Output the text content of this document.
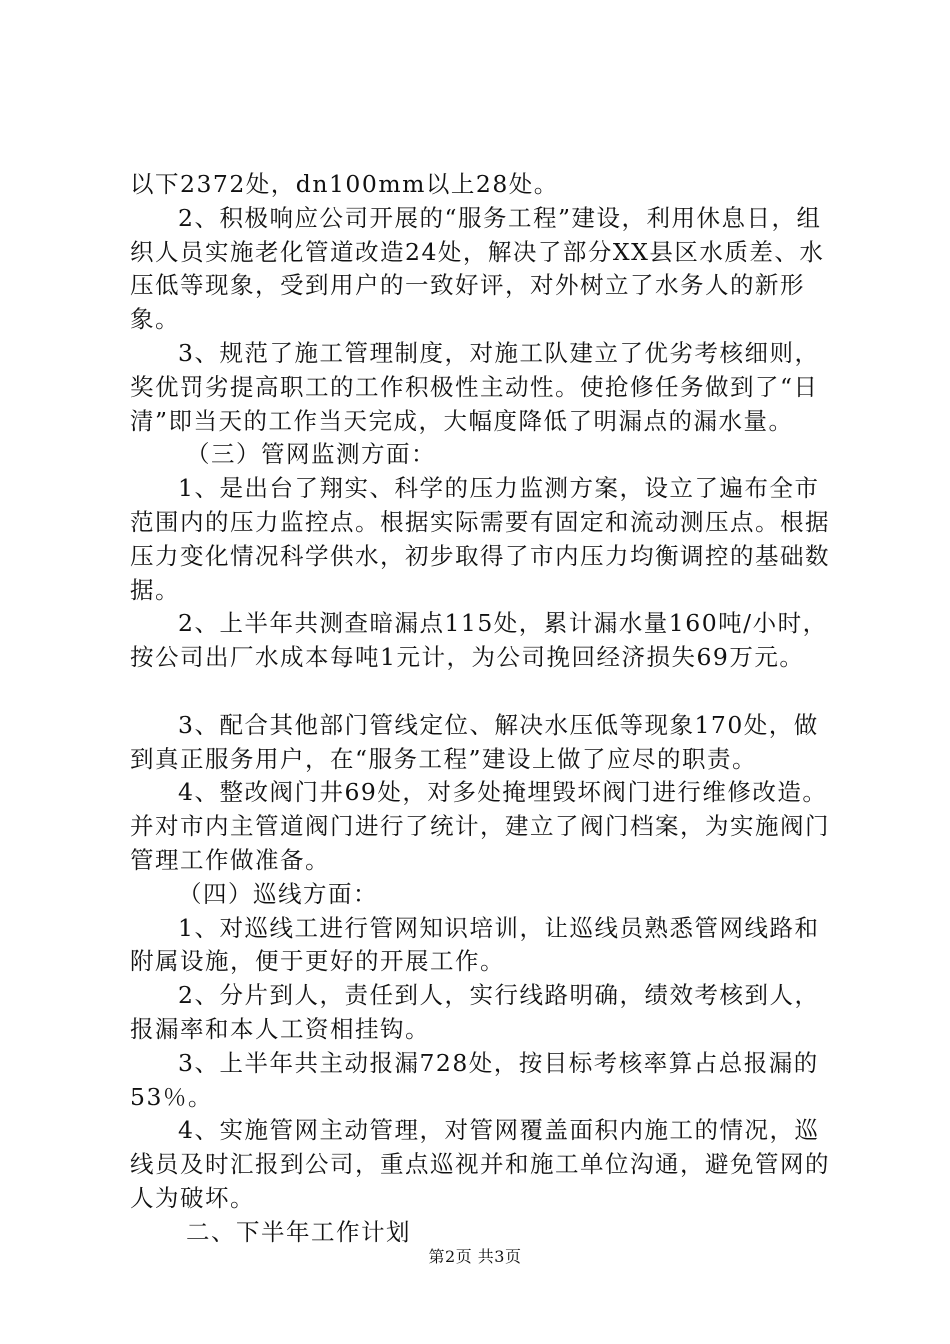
以下2372处，dn100mm以上28处。

2、积极响应公司开展的“服务工程”建设，利用休息日，组织人员实施老化管道改造24处，解决了部分XX县区水质差、水压低等现象，受到用户的一致好评，对外树立了水务人的新形象。

3、规范了施工管理制度，对施工队建立了优劣考核细则，奖优罚劣提高职工的工作积极性主动性。使抢修任务做到了“日清”即当天的工作当天完成，大幅度降低了明漏点的漏水量。

（三）管网监测方面：

1、是出台了翔实、科学的压力监测方案，设立了遍布全市范围内的压力监控点。根据实际需要有固定和流动测压点。根据压力变化情况科学供水，初步取得了市内压力均衡调控的基础数据。

2、上半年共测查暗漏点115处，累计漏水量160吨/小时，按公司出厂水成本每吨1元计，为公司挽回经济损失69万元。

3、配合其他部门管线定位、解决水压低等现象170处，做到真正服务用户，在“服务工程”建设上做了应尽的职责。

4、整改阀门井69处，对多处掩埋毁坏阀门进行维修改造。并对市内主管道阀门进行了统计，建立了阀门档案，为实施阀门管理工作做准备。

（四）巡线方面：

1、对巡线工进行管网知识培训，让巡线员熟悉管网线路和附属设施，便于更好的开展工作。

2、分片到人，责任到人，实行线路明确，绩效考核到人，报漏率和本人工资相挂钩。

3、上半年共主动报漏728处，按目标考核率算占总报漏的53％。

4、实施管网主动管理，对管网覆盖面积内施工的情况，巡线员及时汇报到公司，重点巡视并和施工单位沟通，避免管网的人为破坏。

二、下半年工作计划

第2页 共3页
